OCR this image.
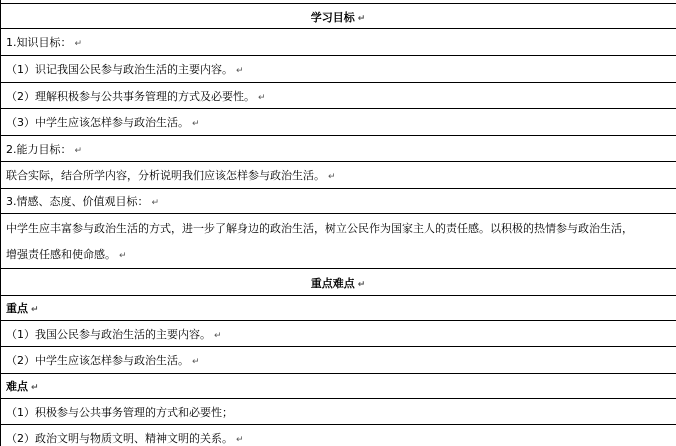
学习目标 ↵
1.知识目标： ↵
（1）识记我国公民参与政治生活的主要内容。 ↵
（2）理解积极参与公共事务管理的方式及必要性。 ↵
（3）中学生应该怎样参与政治生活。 ↵
2.能力目标： ↵
联合实际，结合所学内容，分析说明我们应该怎样参与政治生活。 ↵
3.情感、态度、价值观目标： ↵
中学生应丰富参与政治生活的方式，进一步了解身边的政治生活，树立公民作为国家主人的责任感。以积极的热情参与政治生活，
增强责任感和使命感。 ↵
重点难点 ↵
重点 ↵
（1）我国公民参与政治生活的主要内容。 ↵
（2）中学生应该怎样参与政治生活。 ↵
难点 ↵
（1）积极参与公共事务管理的方式和必要性；
（2）政治文明与物质文明、精神文明的关系。 ↵
